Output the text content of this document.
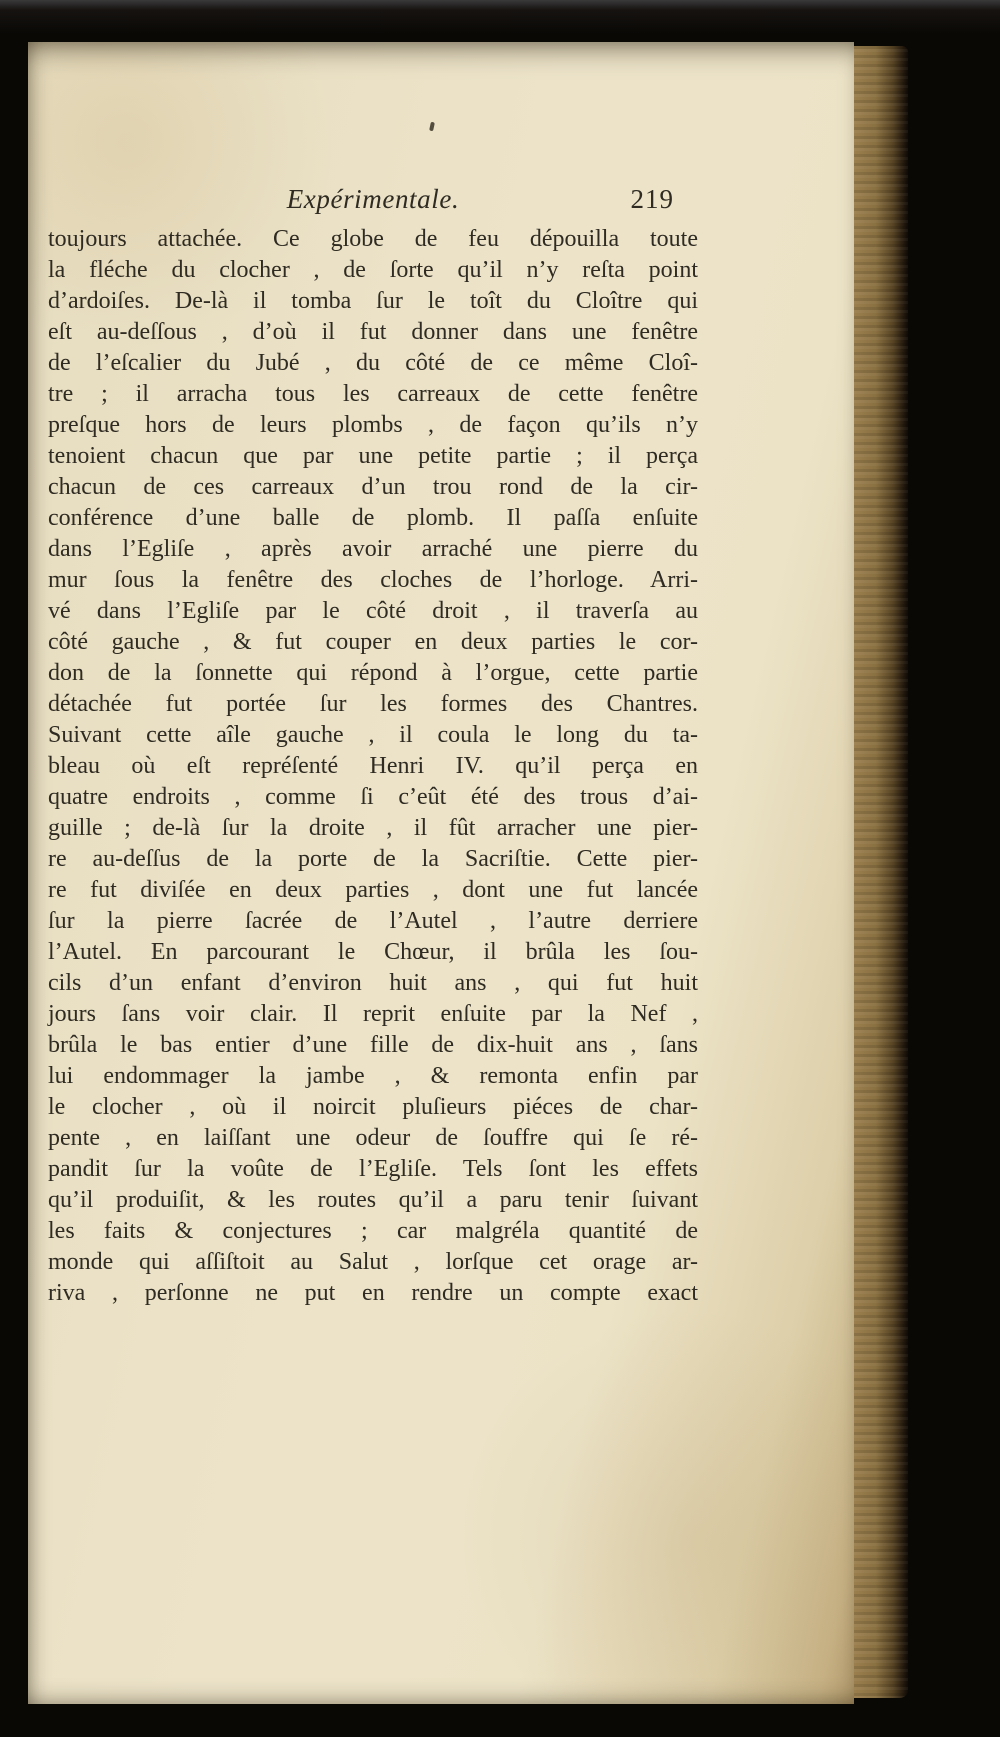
Expérimentale.	219
toujours attachée. Ce globe de feu dépouilla toute
la fléche du clocher , de ſorte qu’il n’y reſta point
d’ardoiſes. De-là il tomba ſur le toît du Cloître qui
eſt au-deſſous , d’où il fut donner dans une fenêtre
de l’eſcalier du Jubé , du côté de ce même Cloî-
tre ; il arracha tous les carreaux de cette fenêtre
preſque hors de leurs plombs , de façon qu’ils n’y
tenoient chacun que par une petite partie ; il perça
chacun de ces carreaux d’un trou rond de la cir-
conférence d’une balle de plomb. Il paſſa enſuite
dans l’Egliſe , après avoir arraché une pierre du
mur ſous la fenêtre des cloches de l’horloge. Arri-
vé dans l’Egliſe par le côté droit , il traverſa au
côté gauche , & fut couper en deux parties le cor-
don de la ſonnette qui répond à l’orgue, cette partie
détachée fut portée ſur les formes des Chantres.
Suivant cette aîle gauche , il coula le long du ta-
bleau où eſt repréſenté Henri IV. qu’il perça en
quatre endroits , comme ſi c’eût été des trous d’ai-
guille ; de-là ſur la droite , il fût arracher une pier-
re au-deſſus de la porte de la Sacriſtie. Cette pier-
re fut diviſée en deux parties , dont une fut lancée
ſur la pierre ſacrée de l’Autel , l’autre derriere
l’Autel. En parcourant le Chœur, il brûla les ſou-
cils d’un enfant d’environ huit ans , qui fut huit
jours ſans voir clair. Il reprit enſuite par la Nef ,
brûla le bas entier d’une fille de dix-huit ans , ſans
lui endommager la jambe , & remonta enfin par
le clocher , où il noircit pluſieurs piéces de char-
pente , en laiſſant une odeur de ſouffre qui ſe ré-
pandit ſur la voûte de l’Egliſe. Tels ſont les effets
qu’il produiſit, & les routes qu’il a paru tenir ſuivant
les faits & conjectures ; car malgréla quantité de
monde qui aſſiſtoit au Salut , lorſque cet orage ar-
riva , perſonne ne put en rendre un compte exact
